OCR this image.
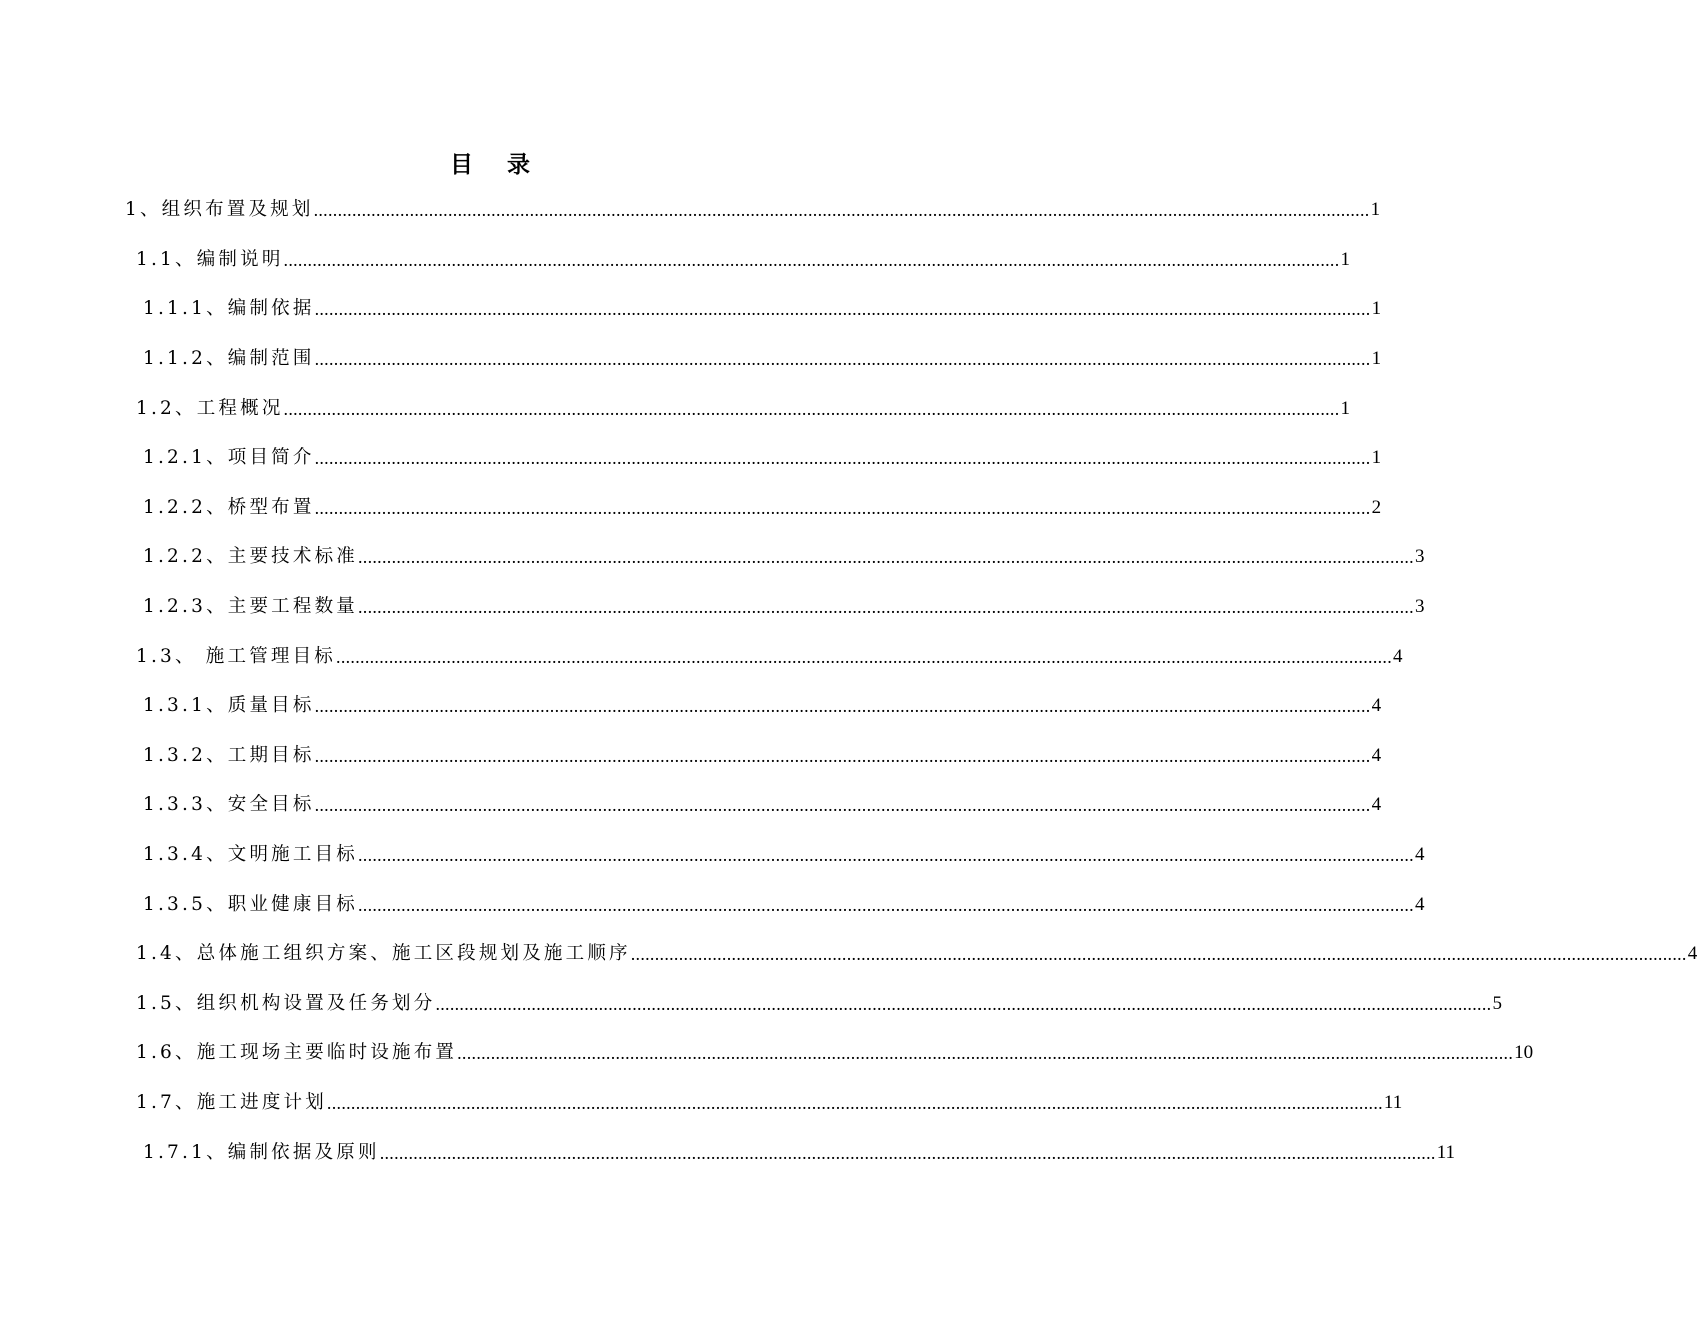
目 录
1、组织布置及规划 ............................................................................................................................................................................................................................ 1
1.1、编制说明 ............................................................................................................................................................................................................................ 1
1.1.1、编制依据 ............................................................................................................................................................................................................................ 1
1.1.2、编制范围 ............................................................................................................................................................................................................................ 1
1.2、工程概况 ............................................................................................................................................................................................................................ 1
1.2.1、项目简介 ............................................................................................................................................................................................................................ 1
1.2.2、桥型布置 ............................................................................................................................................................................................................................ 2
1.2.2、主要技术标准 ............................................................................................................................................................................................................................ 3
1.2.3、主要工程数量 ............................................................................................................................................................................................................................ 3
1.3、 施工管理目标 ............................................................................................................................................................................................................................ 4
1.3.1、质量目标 ............................................................................................................................................................................................................................ 4
1.3.2、工期目标 ............................................................................................................................................................................................................................ 4
1.3.3、安全目标 ............................................................................................................................................................................................................................ 4
1.3.4、文明施工目标 ............................................................................................................................................................................................................................ 4
1.3.5、职业健康目标 ............................................................................................................................................................................................................................ 4
1.4、总体施工组织方案、施工区段规划及施工顺序 ............................................................................................................................................................................................................................ 4
1.5、组织机构设置及任务划分 ............................................................................................................................................................................................................................ 5
1.6、施工现场主要临时设施布置 ............................................................................................................................................................................................................................ 10
1.7、施工进度计划 ............................................................................................................................................................................................................................ 11
1.7.1、编制依据及原则 ............................................................................................................................................................................................................................ 11
